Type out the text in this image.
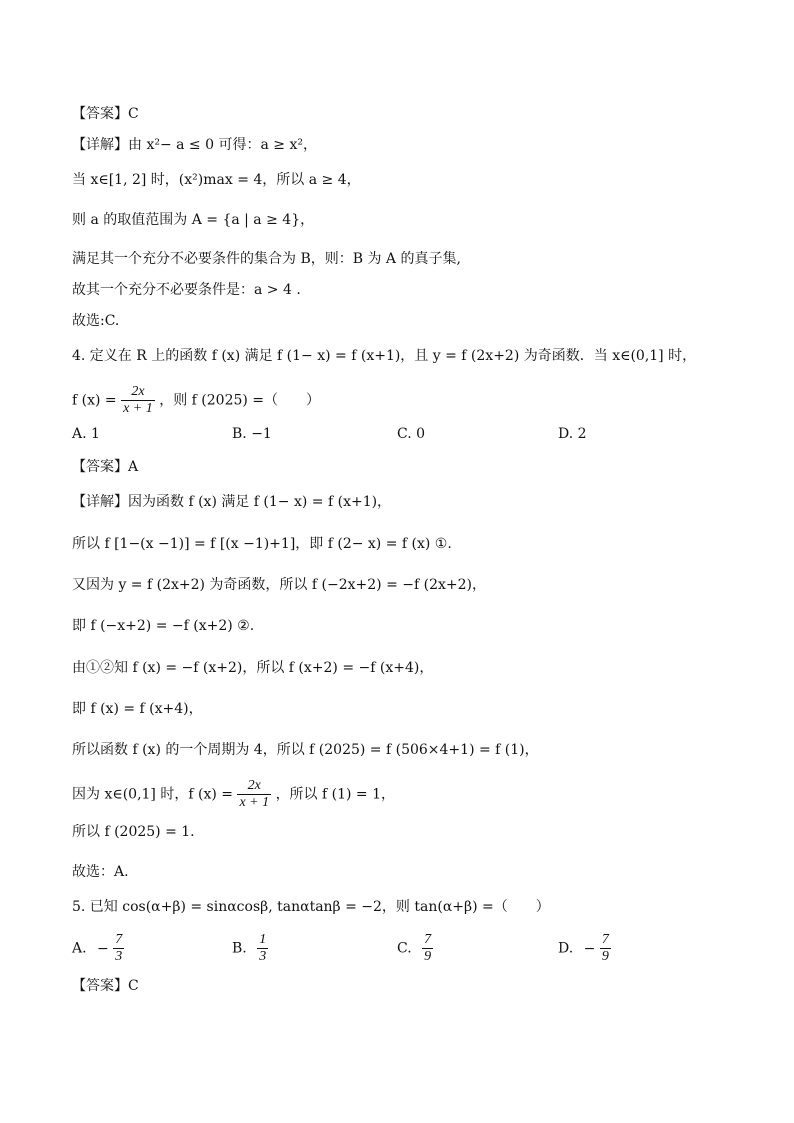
【答案】C
【详解】由 x²− a ≤ 0 可得：a ≥ x²，
当 x∈[1, 2] 时，(x²)max = 4，所以 a ≥ 4，
则 a 的取值范围为 A = {a | a ≥ 4}，
满足其一个充分不必要条件的集合为 B，则：B 为 A 的真子集,
故其一个充分不必要条件是：a > 4 .
故选:C.
4. 定义在 R 上的函数 f (x) 满足 f (1− x) = f (x+1)，且 y = f (2x+2) 为奇函数．当 x∈(0,1] 时，
f $(x) = \frac{2x}{x + 1}$ ，则 f (2025) =（　　）
A. 1	B. −1	C. 0	D. 2
【答案】A
【详解】因为函数 f (x) 满足 f (1− x) = f (x+1)，
所以 f [1−(x −1)] = f [(x −1)+1]，即 f (2− x) = f (x) ①.
又因为 y = f (2x+2) 为奇函数，所以 f (−2x+2) = −f (2x+2)，
即 f (−x+2) = −f (x+2) ②.
由①②知 f (x) = −f (x+2)，所以 f (x+2) = −f (x+4)，
即 f (x) = f (x+4)，
所以函数 f (x) 的一个周期为 4，所以 f (2025) = f (506×4+1) = f (1)，
因为 x∈(0,1] 时，f $(x) = \frac{2x}{x + 1}$ ，所以 f (1) = 1，
所以 f (2025) = 1.
故选：A.
5. 已知 cos(α+β) = sinαcosβ, tanαtanβ = −2，则 tan(α+β) =（　　）
A. − $\frac{7}{3}$	B. $\frac{1}{3}$	C. $\frac{7}{9}$	D. − $\frac{7}{9}$
【答案】C
